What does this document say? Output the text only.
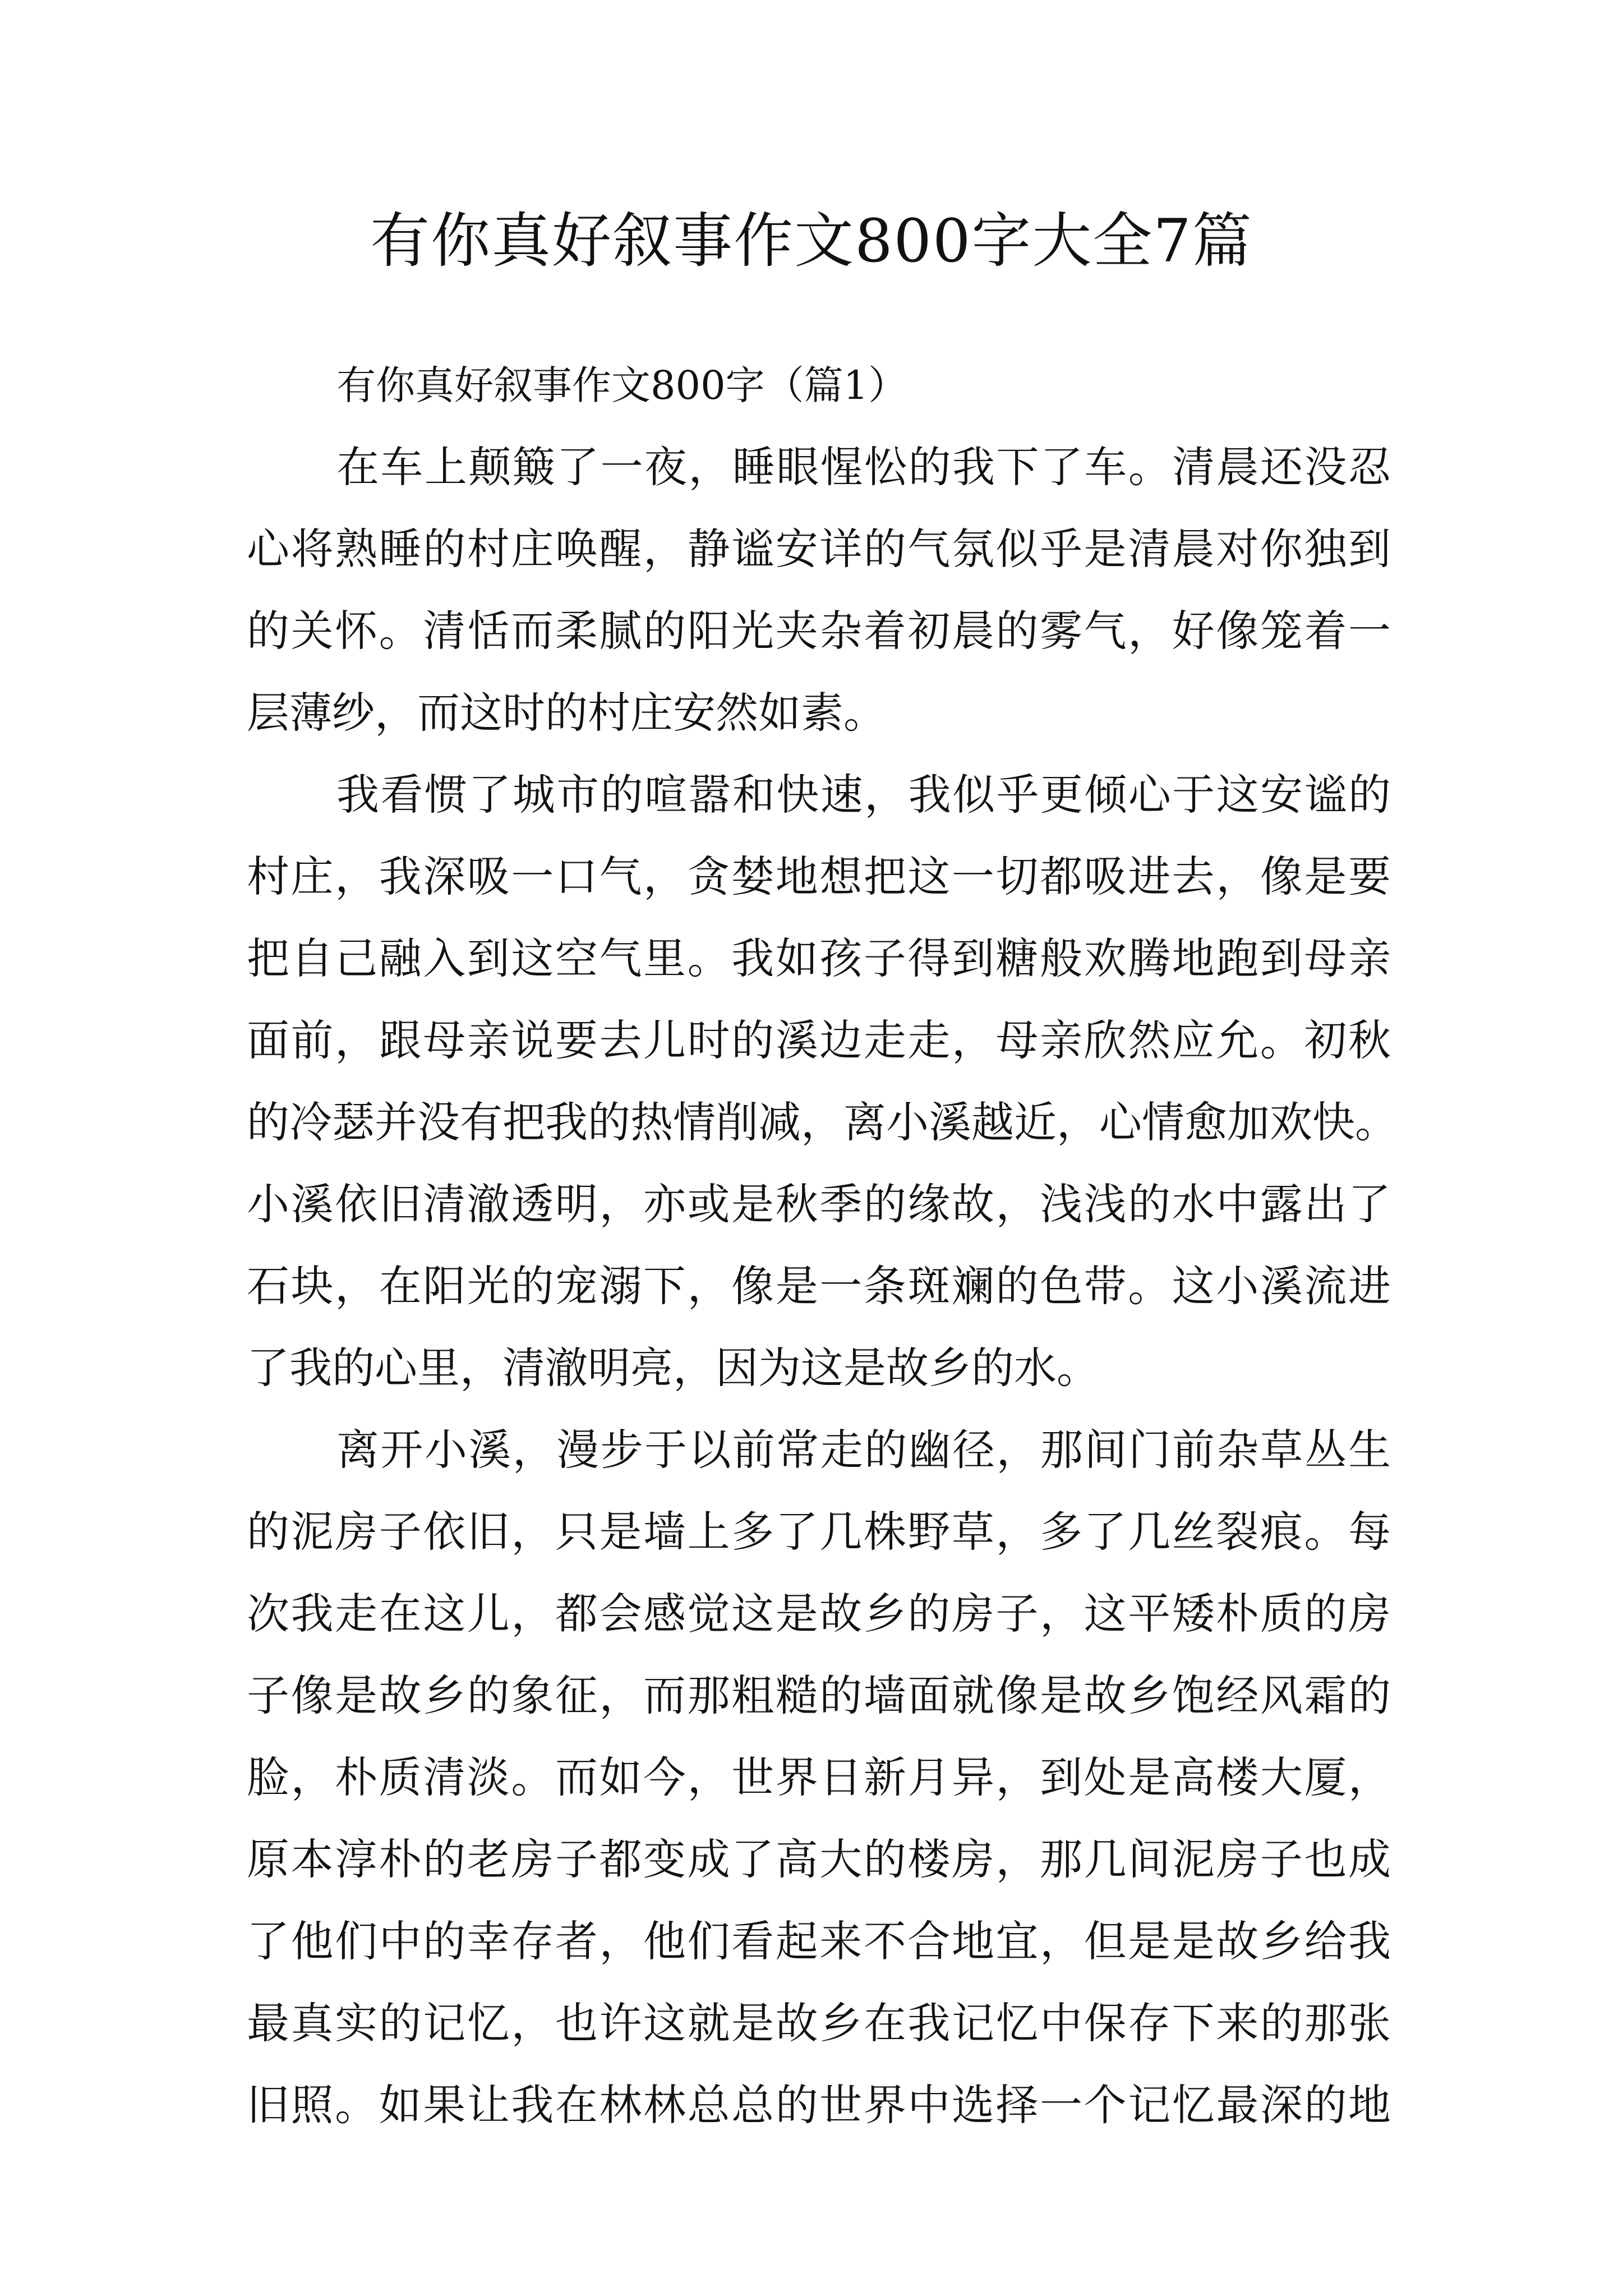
有你真好叙事作文800字大全7篇
有你真好叙事作文800字（篇1）

在车上颠簸了一夜，睡眼惺忪的我下了车。清晨还没忍
心将熟睡的村庄唤醒，静谧安详的气氛似乎是清晨对你独到
的关怀。清恬而柔腻的阳光夹杂着初晨的雾气，好像笼着一
层薄纱，而这时的村庄安然如素。

我看惯了城市的喧嚣和快速，我似乎更倾心于这安谧的
村庄，我深吸一口气，贪婪地想把这一切都吸进去，像是要
把自己融入到这空气里。我如孩子得到糖般欢腾地跑到母亲
面前，跟母亲说要去儿时的溪边走走，母亲欣然应允。初秋
的冷瑟并没有把我的热情削减，离小溪越近，心情愈加欢快。
小溪依旧清澈透明，亦或是秋季的缘故，浅浅的水中露出了
石块，在阳光的宠溺下，像是一条斑斓的色带。这小溪流进
了我的心里，清澈明亮，因为这是故乡的水。

离开小溪，漫步于以前常走的幽径，那间门前杂草丛生
的泥房子依旧，只是墙上多了几株野草，多了几丝裂痕。每
次我走在这儿，都会感觉这是故乡的房子，这平矮朴质的房
子像是故乡的象征，而那粗糙的墙面就像是故乡饱经风霜的
脸，朴质清淡。而如今，世界日新月异，到处是高楼大厦，
原本淳朴的老房子都变成了高大的楼房，那几间泥房子也成
了他们中的幸存者，他们看起来不合地宜，但是是故乡给我
最真实的记忆，也许这就是故乡在我记忆中保存下来的那张
旧照。如果让我在林林总总的世界中选择一个记忆最深的地
